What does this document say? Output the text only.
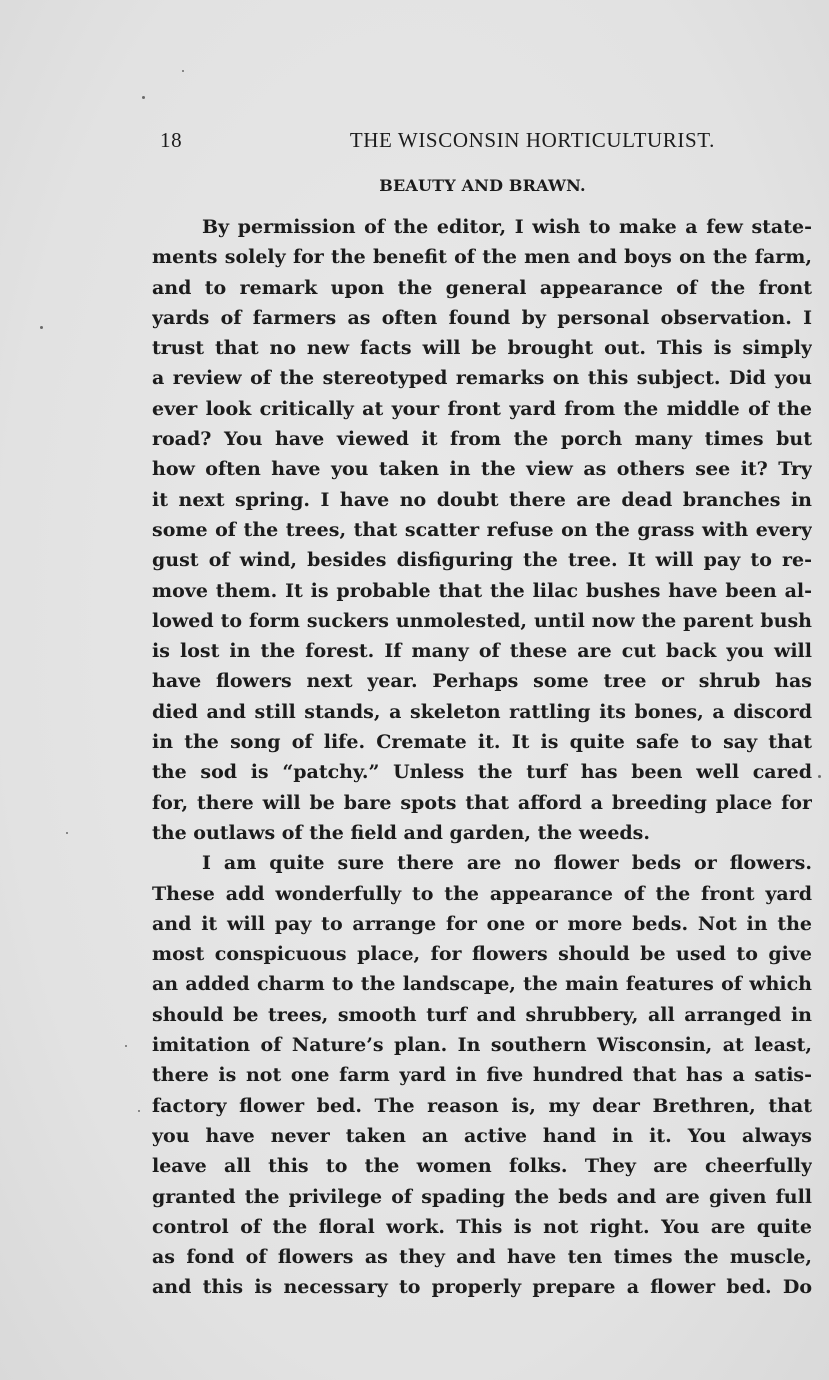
18	THE WISCONSIN HORTICULTURIST.
BEAUTY AND BRAWN.
By permission of the editor, I wish to make a few state-
ments solely for the benefit of the men and boys on the farm,
and to remark upon the general appearance of the front
yards of farmers as often found by personal observation. I
trust that no new facts will be brought out. This is simply
a review of the stereotyped remarks on this subject. Did you
ever look critically at your front yard from the middle of the
road? You have viewed it from the porch many times but
how often have you taken in the view as others see it? Try
it next spring. I have no doubt there are dead branches in
some of the trees, that scatter refuse on the grass with every
gust of wind, besides disfiguring the tree. It will pay to re-
move them. It is probable that the lilac bushes have been al-
lowed to form suckers unmolested, until now the parent bush
is lost in the forest. If many of these are cut back you will
have flowers next year. Perhaps some tree or shrub has
died and still stands, a skeleton rattling its bones, a discord
in the song of life. Cremate it. It is quite safe to say that
the sod is “patchy.” Unless the turf has been well cared
for, there will be bare spots that afford a breeding place for
the outlaws of the field and garden, the weeds.
I am quite sure there are no flower beds or flowers.
These add wonderfully to the appearance of the front yard
and it will pay to arrange for one or more beds. Not in the
most conspicuous place, for flowers should be used to give
an added charm to the landscape, the main features of which
should be trees, smooth turf and shrubbery, all arranged in
imitation of Nature’s plan. In southern Wisconsin, at least,
there is not one farm yard in five hundred that has a satis-
factory flower bed. The reason is, my dear Brethren, that
you have never taken an active hand in it. You always
leave all this to the women folks. They are cheerfully
granted the privilege of spading the beds and are given full
control of the floral work. This is not right. You are quite
as fond of flowers as they and have ten times the muscle,
and this is necessary to properly prepare a flower bed. Do
